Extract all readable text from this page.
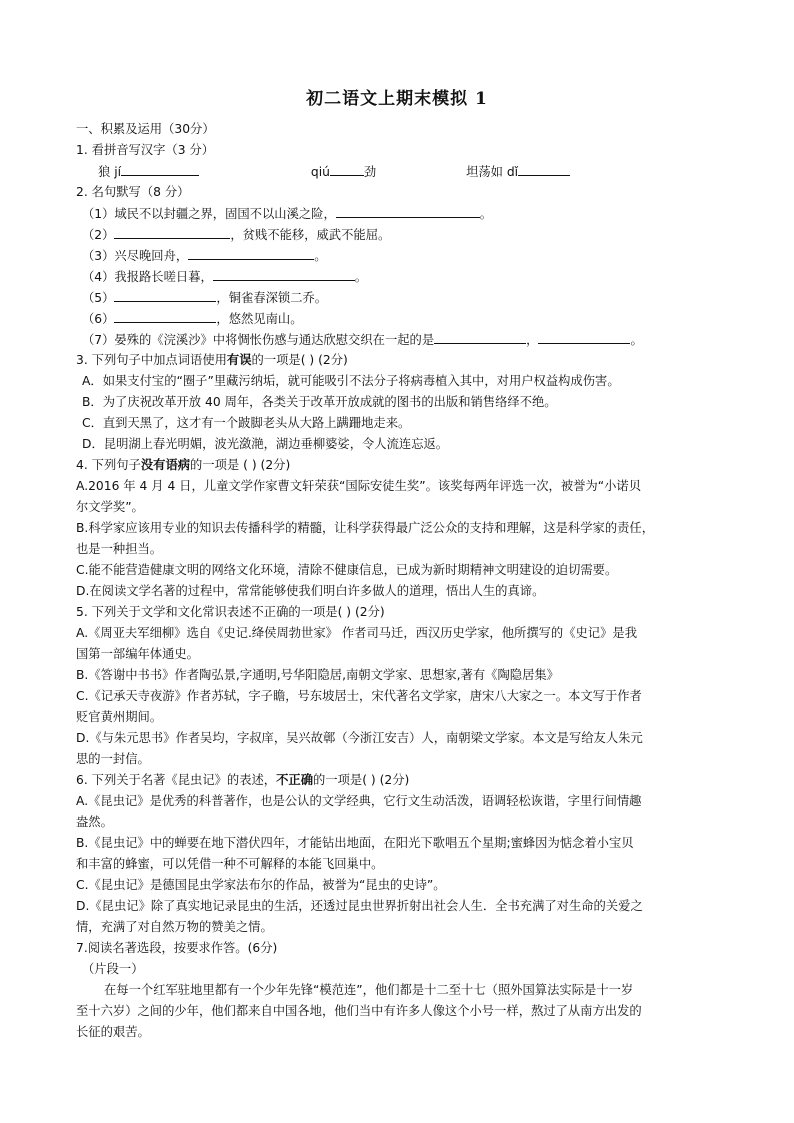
初二语文上期末模拟 1
一、积累及运用（30分）
1. 看拼音写汉字（3 分）
狼 jí	qiú	劲	坦荡如 dǐ
2. 名句默写（8 分）
（1）域民不以封疆之界，固国不以山溪之险，	。
（2）	，贫贱不能移，威武不能屈。
（3）兴尽晚回舟，	。
（4）我报路长嗟日暮，	。
（5）	，铜雀春深锁二乔。
（6）	，悠然见南山。
（7）晏殊的《浣溪沙》中将惆怅伤感与通达欣慰交织在一起的是	，	。
3. 下列句子中加点词语使用有误的一项是( ) (2分)
A．如果支付宝的“圈子”里藏污纳垢，就可能吸引不法分子将病毒植入其中，对用户权益构成伤害。
B．为了庆祝改革开放 40 周年，各类关于改革开放成就的图书的出版和销售络绎不绝。
C．直到天黑了，这才有一个跛脚老头从大路上蹒跚地走来。
D．昆明湖上春光明媚，波光潋滟，湖边垂柳婆娑，令人流连忘返。
4. 下列句子没有语病的一项是 ( ) (2分)
A.2016 年 4 月 4 日，儿童文学作家曹文轩荣获“国际安徒生奖”。该奖每两年评选一次，被誉为“小诺贝
尔文学奖”。
B.科学家应该用专业的知识去传播科学的精髓，让科学获得最广泛公众的支持和理解，这是科学家的责任，
也是一种担当。
C.能不能营造健康文明的网络文化环境，清除不健康信息，已成为新时期精神文明建设的迫切需要。
D.在阅读文学名著的过程中，常常能够使我们明白许多做人的道理，悟出人生的真谛。
5. 下列关于文学和文化常识表述不正确的一项是( ) (2分)
A.《周亚夫军细柳》选自《史记.绛侯周勃世家》 作者司马迁，西汉历史学家，他所撰写的《史记》是我
国第一部编年体通史。
B.《答谢中书书》作者陶弘景,字通明,号华阳隐居,南朝文学家、思想家,著有《陶隐居集》
C.《记承天寺夜游》作者苏轼，字子瞻，号东坡居士，宋代著名文学家，唐宋八大家之一。本文写于作者
贬官黄州期间。
D.《与朱元思书》作者吴均，字叔庠，吴兴故鄣（今浙江安吉）人，南朝梁文学家。本文是写给友人朱元
思的一封信。
6. 下列关于名著《昆虫记》的表述，不正确的一项是( ) (2分)
A.《昆虫记》是优秀的科普著作，也是公认的文学经典，它行文生动活泼，语调轻松诙谐，字里行间情趣
盎然。
B.《昆虫记》中的蝉要在地下潜伏四年，才能钻出地面，在阳光下歌唱五个星期;蜜蜂因为惦念着小宝贝
和丰富的蜂蜜，可以凭借一种不可解释的本能飞回巢中。
C.《昆虫记》是德国昆虫学家法布尔的作品，被誉为“昆虫的史诗”。
D.《昆虫记》除了真实地记录昆虫的生活，还透过昆虫世界折射出社会人生．全书充满了对生命的关爱之
情，充满了对自然万物的赞美之情。
7.阅读名著选段，按要求作答。(6分)
（片段一）
在每一个红军驻地里都有一个少年先锋“模范连”，他们都是十二至十七（照外国算法实际是十一岁
至十六岁）之间的少年，他们都来自中国各地，他们当中有许多人像这个小号一样，熬过了从南方出发的
长征的艰苦。
